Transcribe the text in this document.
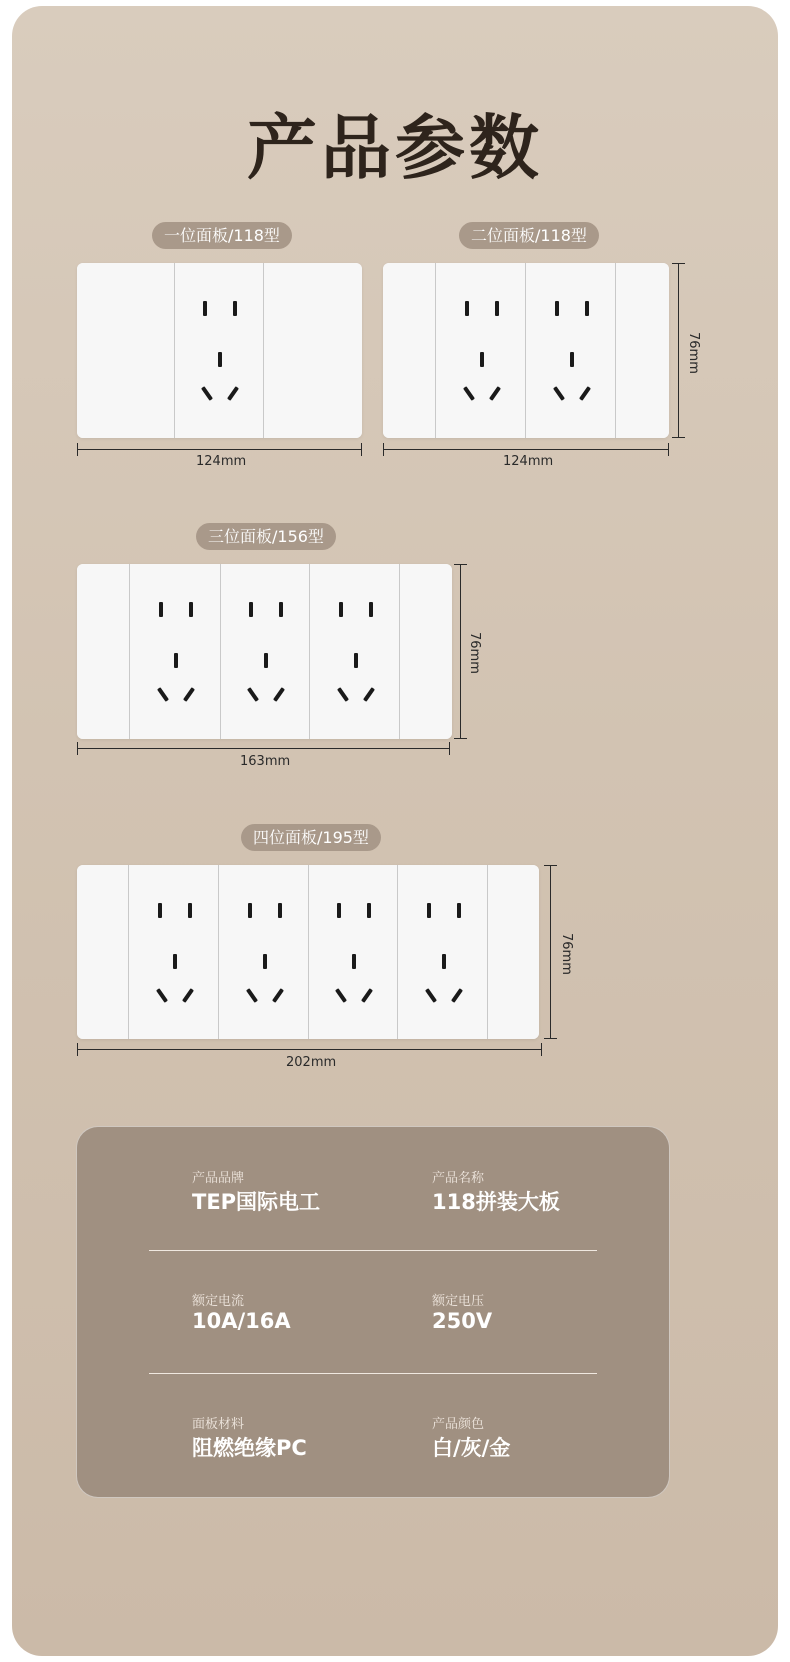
产品参数
一位面板/118型
124mm
二位面板/118型
124mm
76mm
三位面板/156型
163mm
76mm
四位面板/195型
202mm
76mm
产品品牌
TEP国际电工
产品名称
118拼装大板
额定电流
10A/16A
额定电压
250V
面板材料
阻燃绝缘PC
产品颜色
白/灰/金
